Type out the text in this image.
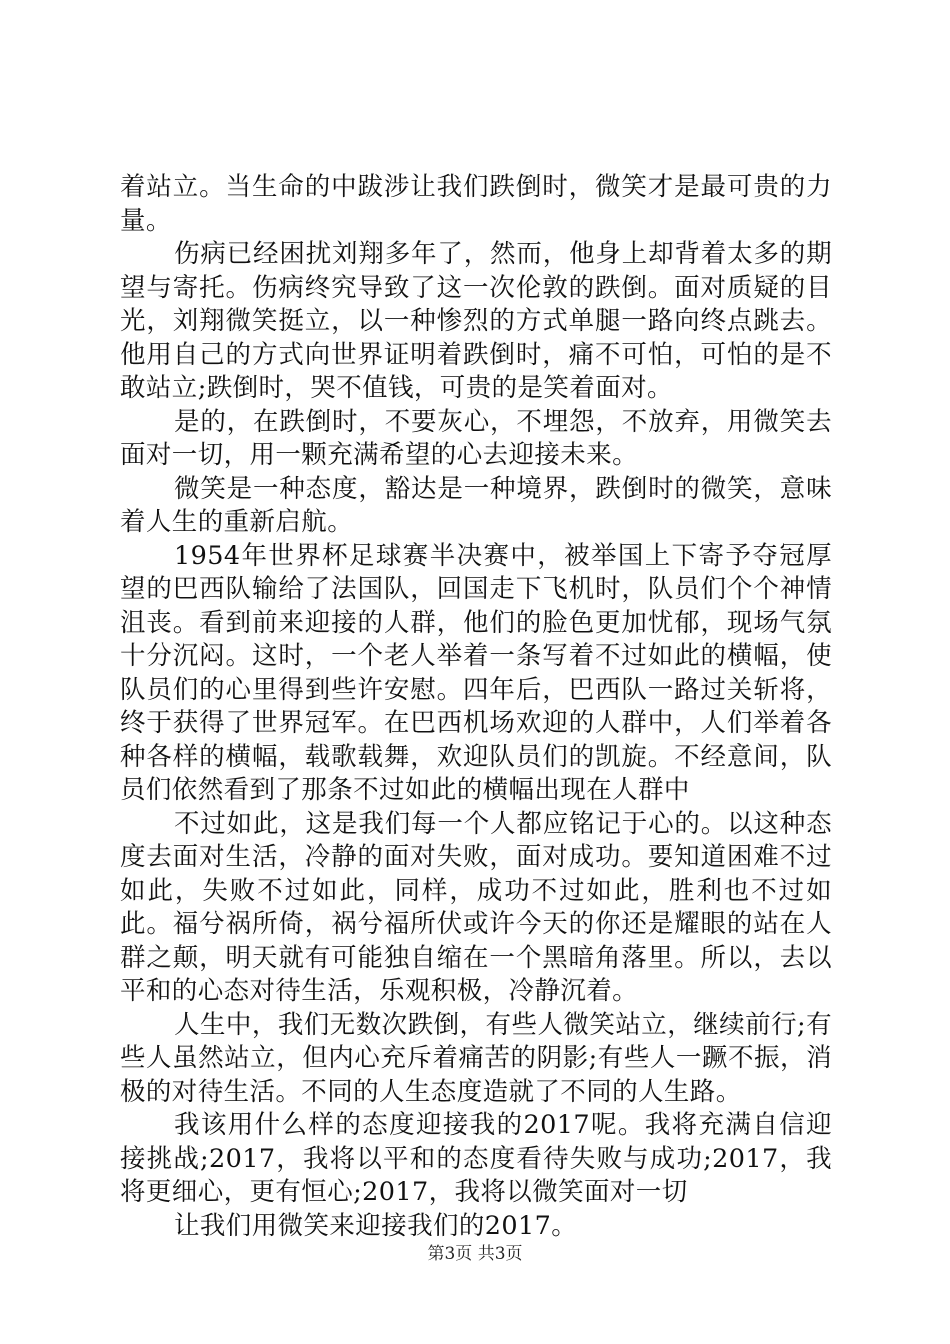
着站立。当生命的中跋涉让我们跌倒时，微笑才是最可贵的力量。

伤病已经困扰刘翔多年了，然而，他身上却背着太多的期望与寄托。伤病终究导致了这一次伦敦的跌倒。面对质疑的目光，刘翔微笑挺立，以一种惨烈的方式单腿一路向终点跳去。他用自己的方式向世界证明着跌倒时，痛不可怕，可怕的是不敢站立;跌倒时，哭不值钱，可贵的是笑着面对。

是的，在跌倒时，不要灰心，不埋怨，不放弃，用微笑去面对一切，用一颗充满希望的心去迎接未来。

微笑是一种态度，豁达是一种境界，跌倒时的微笑，意味着人生的重新启航。

1954年世界杯足球赛半决赛中，被举国上下寄予夺冠厚望的巴西队输给了法国队，回国走下飞机时，队员们个个神情沮丧。看到前来迎接的人群，他们的脸色更加忧郁，现场气氛十分沉闷。这时，一个老人举着一条写着不过如此的横幅，使队员们的心里得到些许安慰。四年后，巴西队一路过关斩将，终于获得了世界冠军。在巴西机场欢迎的人群中，人们举着各种各样的横幅，载歌载舞，欢迎队员们的凯旋。不经意间，队员们依然看到了那条不过如此的横幅出现在人群中

不过如此，这是我们每一个人都应铭记于心的。以这种态度去面对生活，冷静的面对失败，面对成功。要知道困难不过如此，失败不过如此，同样，成功不过如此，胜利也不过如此。福兮祸所倚，祸兮福所伏或许今天的你还是耀眼的站在人群之颠，明天就有可能独自缩在一个黑暗角落里。所以，去以平和的心态对待生活，乐观积极，冷静沉着。

人生中，我们无数次跌倒，有些人微笑站立，继续前行;有些人虽然站立，但内心充斥着痛苦的阴影;有些人一蹶不振，消极的对待生活。不同的人生态度造就了不同的人生路。

我该用什么样的态度迎接我的2017呢。我将充满自信迎接挑战;2017，我将以平和的态度看待失败与成功;2017，我将更细心，更有恒心;2017，我将以微笑面对一切

让我们用微笑来迎接我们的2017。

第3页 共3页
